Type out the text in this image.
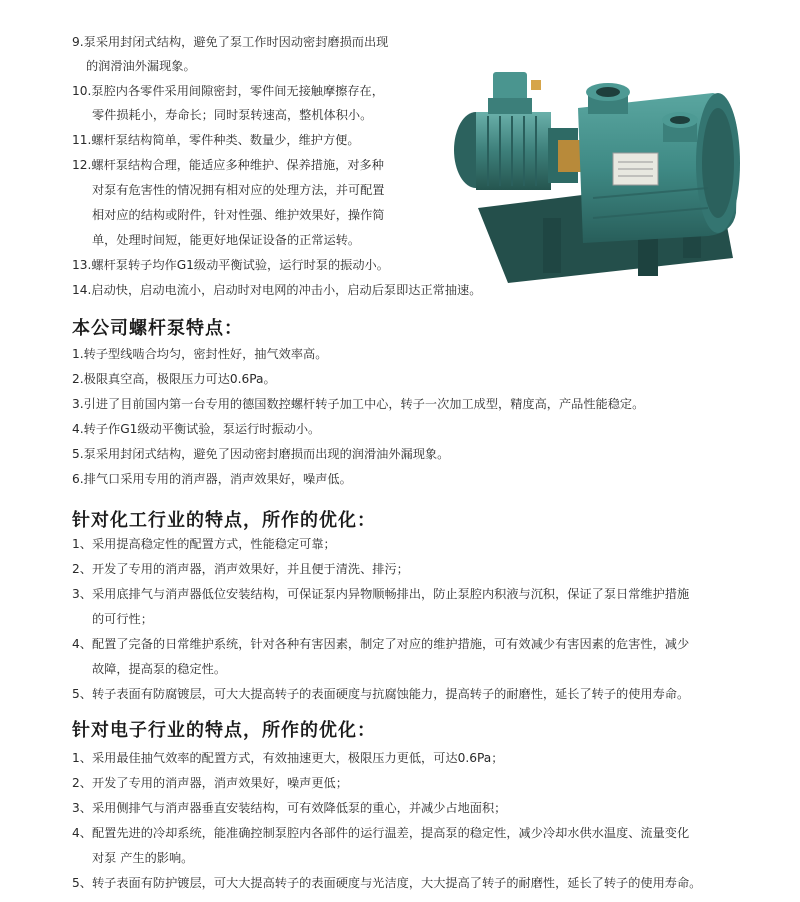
9.泵采用封闭式结构，避免了泵工作时因动密封磨损而出现
的润滑油外漏现象。
10.泵腔内各零件采用间隙密封，零件间无接触摩擦存在，
零件损耗小，寿命长；同时泵转速高，整机体积小。
11.螺杆泵结构简单，零件种类、数量少，维护方便。
12.螺杆泵结构合理，能适应多种维护、保养措施，对多种
对泵有危害性的情况拥有相对应的处理方法，并可配置
相对应的结构或附件，针对性强、维护效果好，操作简
单，处理时间短，能更好地保证设备的正常运转。
13.螺杆泵转子均作G1级动平衡试验，运行时泵的振动小。
14.启动快，启动电流小，启动时对电网的冲击小，启动后泵即达正常抽速。
本公司螺杆泵特点：
1.转子型线啮合均匀，密封性好，抽气效率高。
2.极限真空高，极限压力可达0.6Pa。
3.引进了目前国内第一台专用的德国数控螺杆转子加工中心，转子一次加工成型，精度高，产品性能稳定。
4.转子作G1级动平衡试验，泵运行时振动小。
5.泵采用封闭式结构，避免了因动密封磨损而出现的润滑油外漏现象。
6.排气口采用专用的消声器，消声效果好，噪声低。
针对化工行业的特点，所作的优化：
1、采用提高稳定性的配置方式，性能稳定可靠；
2、开发了专用的消声器，消声效果好，并且便于清洗、排污；
3、采用底排气与消声器低位安装结构，可保证泵内异物顺畅排出，防止泵腔内积液与沉积，保证了泵日常维护措施
的可行性；
4、配置了完备的日常维护系统，针对各种有害因素，制定了对应的维护措施，可有效减少有害因素的危害性，减少
故障，提高泵的稳定性。
5、转子表面有防腐镀层，可大大提高转子的表面硬度与抗腐蚀能力，提高转子的耐磨性，延长了转子的使用寿命。
针对电子行业的特点，所作的优化：
1、采用最佳抽气效率的配置方式，有效抽速更大，极限压力更低，可达0.6Pa；
2、开发了专用的消声器，消声效果好，噪声更低；
3、采用侧排气与消声器垂直安装结构，可有效降低泵的重心，并减少占地面积；
4、配置先进的冷却系统，能准确控制泵腔内各部件的运行温差，提高泵的稳定性，减少冷却水供水温度、流量变化
对泵 产生的影响。
5、转子表面有防护镀层，可大大提高转子的表面硬度与光洁度，大大提高了转子的耐磨性，延长了转子的使用寿命。
